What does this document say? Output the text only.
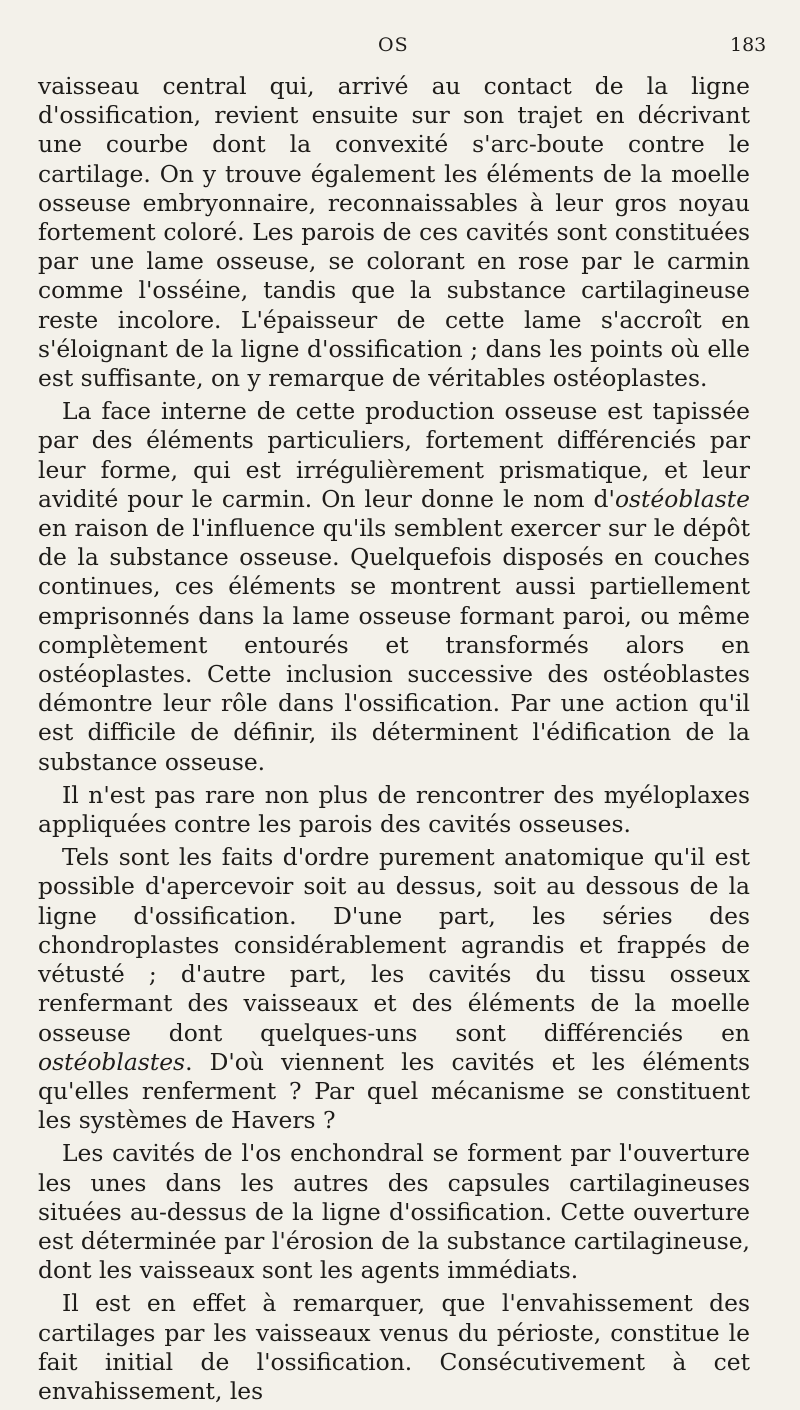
OS	183

vaisseau central qui, arrivé au contact de la ligne d'ossification, revient ensuite sur son trajet en décrivant une courbe dont la convexité s'arc-boute contre le cartilage. On y trouve également les éléments de la moelle osseuse embryonnaire, reconnaissables à leur gros noyau fortement coloré. Les parois de ces cavités sont constituées par une lame osseuse, se colorant en rose par le carmin comme l'osséine, tandis que la substance cartilagineuse reste incolore. L'épaisseur de cette lame s'accroît en s'éloignant de la ligne d'ossification ; dans les points où elle est suffisante, on y remarque de véritables ostéoplastes.

La face interne de cette production osseuse est tapissée par des éléments particuliers, fortement différenciés par leur forme, qui est irrégulièrement prismatique, et leur avidité pour le carmin. On leur donne le nom d'ostéoblaste en raison de l'influence qu'ils semblent exercer sur le dépôt de la substance osseuse. Quelquefois disposés en couches continues, ces éléments se montrent aussi partiellement emprisonnés dans la lame osseuse formant paroi, ou même complètement entourés et transformés alors en ostéoplastes. Cette inclusion successive des ostéoblastes démontre leur rôle dans l'ossification. Par une action qu'il est difficile de définir, ils déterminent l'édification de la substance osseuse.

Il n'est pas rare non plus de rencontrer des myéloplaxes appliquées contre les parois des cavités osseuses.

Tels sont les faits d'ordre purement anatomique qu'il est possible d'apercevoir soit au dessus, soit au dessous de la ligne d'ossification. D'une part, les séries des chondroplastes considérablement agrandis et frappés de vétusté ; d'autre part, les cavités du tissu osseux renfermant des vaisseaux et des éléments de la moelle osseuse dont quelques-uns sont différenciés en ostéoblastes. D'où viennent les cavités et les éléments qu'elles renferment ? Par quel mécanisme se constituent les systèmes de Havers ?

Les cavités de l'os enchondral se forment par l'ouverture les unes dans les autres des capsules cartilagineuses situées au-dessus de la ligne d'ossification. Cette ouverture est déterminée par l'érosion de la substance cartilagineuse, dont les vaisseaux sont les agents immédiats.

Il est en effet à remarquer, que l'envahissement des cartilages par les vaisseaux venus du périoste, constitue le fait initial de l'ossification. Consécutivement à cet envahissement, les
